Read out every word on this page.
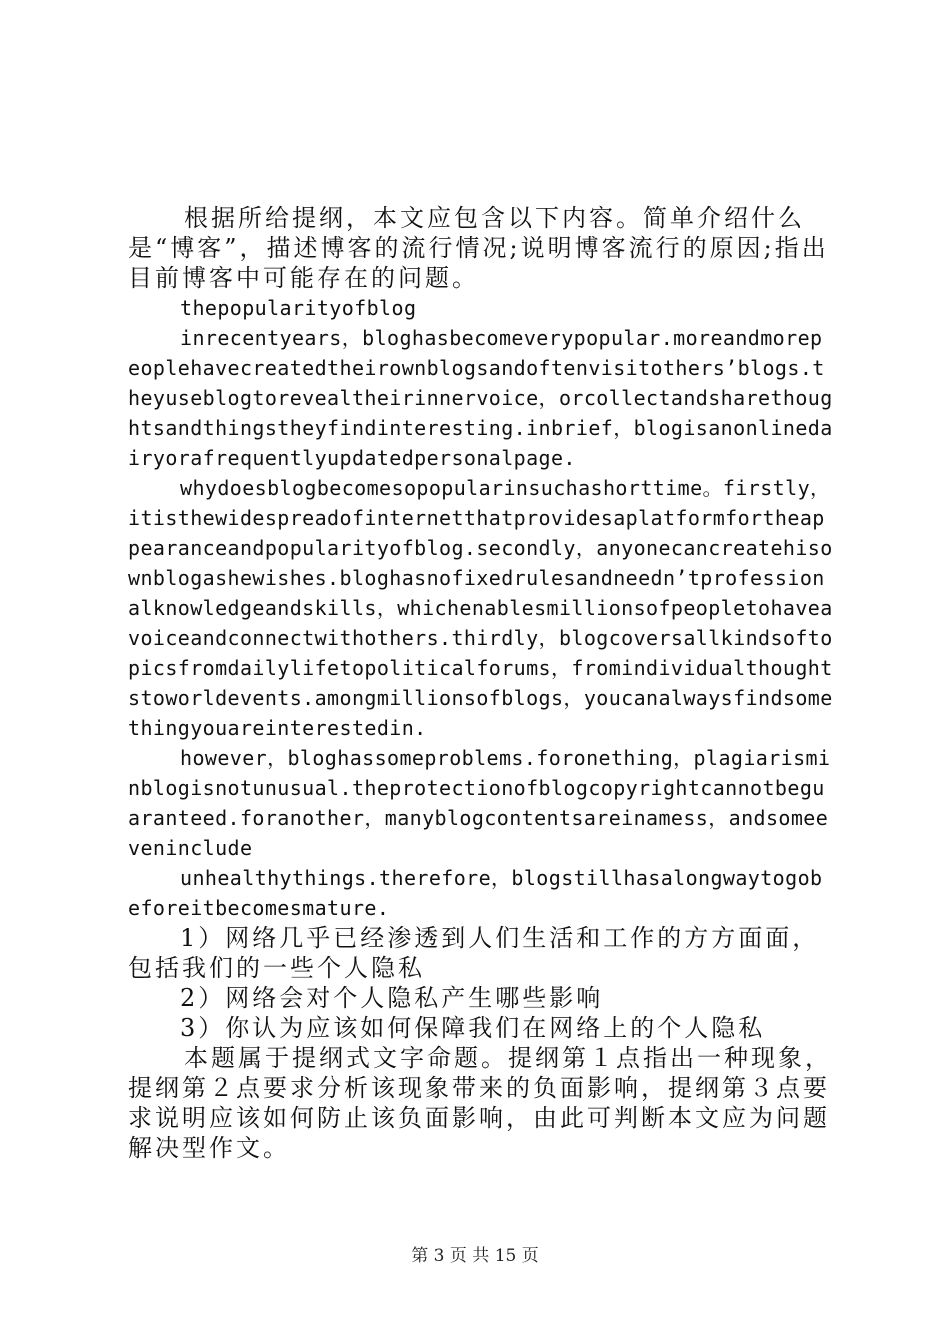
根据所给提纲，本文应包含以下内容。简单介绍什么是“博客”，描述博客的流行情况;说明博客流行的原因;指出目前博客中可能存在的问题。

thepopularityofblog

inrecentyears，bloghasbecomeverypopular.moreandmorepeoplehavecreatedtheirownblogsandoftenvisitothers’blogs.theyuseblogtorevealtheirinnervoice，orcollectandsharethoughtsandthingstheyfindinteresting.inbrief，blogisanonlinedairyorafrequentlyupdatedpersonalpage.

whydoesblogbecomesopopularinsuchashorttime。firstly，itisthewidespreadofinternetthatprovidesaplatformfortheappearanceandpopularityofblog.secondly，anyonecancreatehisownblogashewishes.bloghasnofixedrulesandneedn’tprofessionalknowledgeandskills，whichenablesmillionsofpeopletohaveavoiceandconnectwithothers.thirdly，blogcoversallkindsoftopicsfromdailylifetopoliticalforums，fromindividualthoughtstoworldevents.amongmillionsofblogs，youcanalwaysfindsomethingyouareinterestedin.

however，bloghassomeproblems.foronething，plagiarisminblogisnotunusual.theprotectionofblogcopyrightcannotbeguaranteed.foranother，manyblogcontentsareinamess，andsomeeveninclude

unhealthythings.therefore，blogstillhasalongwaytogobeforeitbecomesmature.

1）网络几乎已经渗透到人们生活和工作的方方面面，包括我们的一些个人隐私

2）网络会对个人隐私产生哪些影响

3）你认为应该如何保障我们在网络上的个人隐私

本题属于提纲式文字命题。提纲第１点指出一种现象，提纲第２点要求分析该现象带来的负面影响，提纲第３点要求说明应该如何防止该负面影响，由此可判断本文应为问题解决型作文。

第 3 页 共 15 页
